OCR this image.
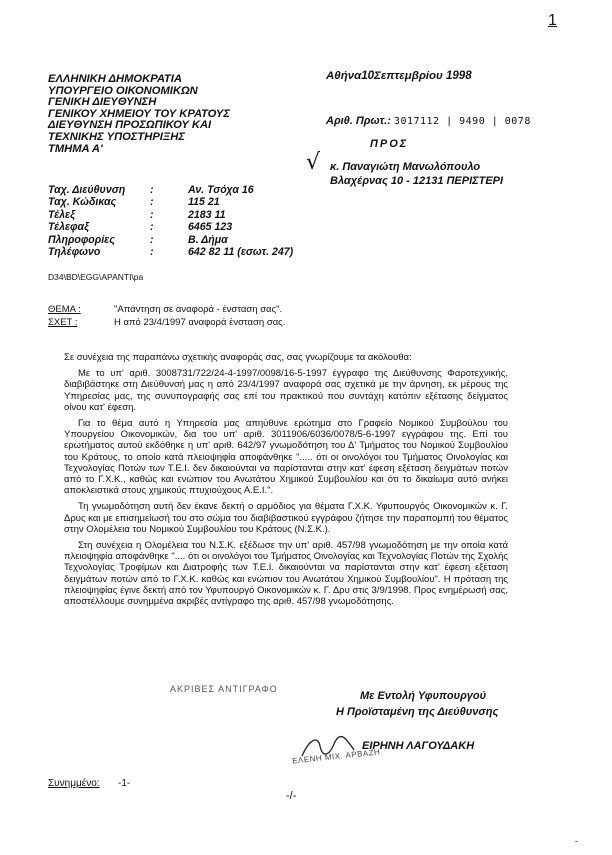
1
ΕΛΛΗΝΙΚΗ ΔΗΜΟΚΡΑΤΙΑ
ΥΠΟΥΡΓΕΙΟ ΟΙΚΟΝΟΜΙΚΩΝ
ΓΕΝΙΚΗ ΔΙΕΥΘΥΝΣΗ
ΓΕΝΙΚΟΥ ΧΗΜΕΙΟΥ ΤΟΥ ΚΡΑΤΟΥΣ
ΔΙΕΥΘΥΝΣΗ ΠΡΟΣΩΠΙΚΟΥ ΚΑΙ
ΤΕΧΝΙΚΗΣ ΥΠΟΣΤΗΡΙΞΗΣ
ΤΜΗΜΑ Α'
Αθήνα10Σεπτεμβρίου 1998
Αριθ. Πρωτ.: 3017112 | 9490 | 0078
ΠΡΟΣ
√ κ. Παναγιώτη Μανωλόπουλο
Βλαχέρνας 10 - 12131 ΠΕΡΙΣΤΕΡΙ
Ταχ. Διεύθυνση	:	Αν. Τσόχα 16
Ταχ. Κώδικας	:	115 21
Τέλεξ	:	2183 11
Τέλεφαξ	:	6465 123
Πληροφορίες	:	Β. Δήμα
Τηλέφωνο	:	642 82 11 (εσωτ. 247)
D34\BD\EGG\APANTI\pa
ΘΕΜΑ :	"Απάντηση σε αναφορά - ένσταση σας".
ΣΧΕΤ :	Η από 23/4/1997 αναφορά ένσταση σας.

Σε συνέχεια της παραπάνω σχετικής αναφοράς σας, σας γνωρίζουμε τα ακόλουθα:

Με το υπ' αριθ. 3008731/722/24-4-1997/0098/16-5-1997 έγγραφο της Διεύθυνσης Φαροτεχνικής, διαβιβάστηκε στη Διεύθυνσή μας η από 23/4/1997 αναφορά σας σχετικά με την άρνηση, εκ μέρους της Υπηρεσίας μας, της συνυπογραφής σας επί του πρακτικού που συντάχη κατόπιν εξέτασης δείγματος οίνου κατ' έφεση.

Για το θέμα αυτό η Υπηρεσία μας απηύθυνε ερώτημα στο Γραφείο Νομικού Συμβούλου του Υπουργείου Οικονομικών, δια του υπ' αριθ. 3011906/6036/0078/5-6-1997 εγγράφου της. Επί του ερωτήματος αυτού εκδόθηκε η υπ' αριθ. 642/97 γνωμοδότηση του Δ' Τμήματος του Νομικού Συμβουλίου του Κράτους, τo οποίο κατά πλειοψηφία αποφάνθηκε "..... ότι οι οινολόγοι του Τμήματος Οινολογίας και Τεχνολογίας Ποτών των Τ.Ε.Ι. δεν δικαιούνται να παρίστανται στην κατ' έφεση εξέταση δειγμάτων ποτών από το Γ.Χ.Κ., καθώς και ενώπιον του Ανωτάτου Χημικού Συμβουλίου και ότι το δικαίωμα αυτό ανήκει αποκλειστικά στους χημικούς πτυχιούχους Α.Ε.Ι.".

Τη γνωμοδότηση αυτή δεν έκανε δεκτή ο αρμόδιος για θέματα Γ.Χ.Κ. Υφυπουργός Οικονομικών κ. Γ. Δρυς και με επισημείωσή του στο σώμα του διαβιβαστικού εγγράφου ζήτησε την παραπομπή του θέματος στην Ολομέλεια του Νομικού Συμβουλίου του Κράτους (Ν.Σ.Κ.).

Στη συνέχεια η Ολομέλεια του Ν.Σ.Κ. εξέδωσε την υπ' αριθ. 457/98 γνωμοδότηση με την οποία κατά πλειοψηφία αποφάνθηκε ".... ότι οι οινολόγοι του Τμήματος Οινολογίας και Τεχνολογίας Ποτών της Σχολής Τεχνολογίας Τροφίμων και Διατροφής των Τ.Ε.Ι. δικαιούνται να παρίστανται στην κατ' έφεση εξέταση δειγμάτων ποτών από το Γ.Χ.Κ. καθώς και ενώπιον του Ανωτάτου Χημικού Συμβουλίου". Η πρόταση της πλειοψηφίας έγινε δεκτή από τον Υφυπουργό Οικονομικών κ. Γ. Δρυ στις 3/9/1998. Προς ενημέρωσή σας, αποστέλλουμε συνημμένα ακριβές αντίγραφο της αριθ. 457/98 γνωμοδότησης.

ΑΚΡΙΒΕΣ ΑΝΤΙΓΡΑΦΟ
Με Εντολή Υφυπουργού
Η Προϊσταμένη της Διεύθυνσης
ΕΙΡΗΝΗ ΛΑΓΟΥΔΑΚΗ
ΕΛΕΝΗ ΜΙΧ. ΑΡΒΑΖΗ
Συνημμένο: -1-
-/-
-
